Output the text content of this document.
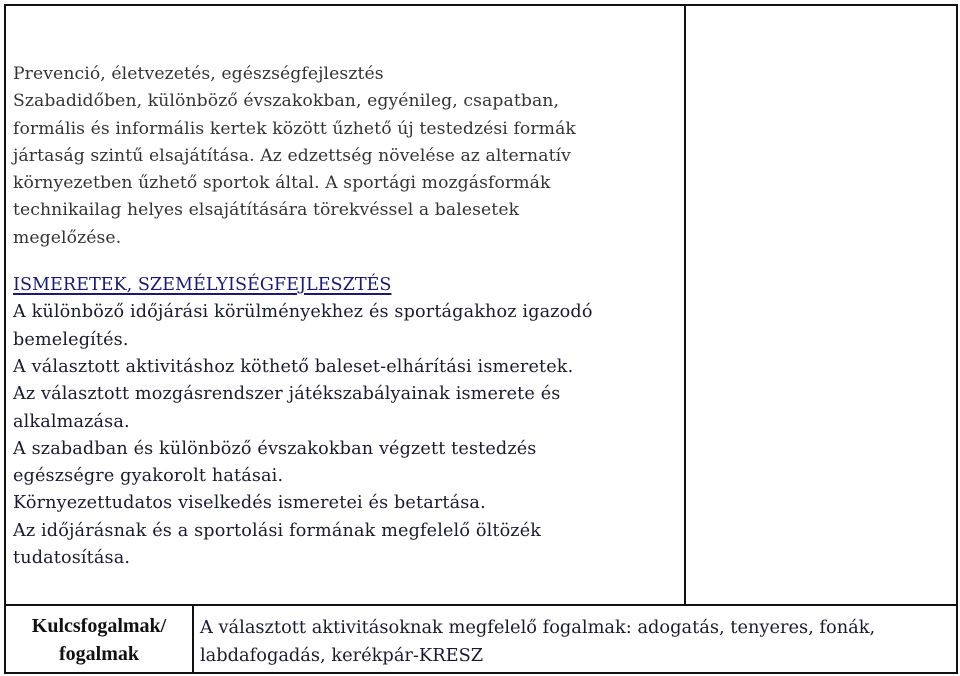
Prevenció, életvezetés, egészségfejlesztés

Szabadidőben, különböző évszakokban, egyénileg, csapatban,

formális és informális kertek között űzhető új testedzési formák

jártaság szintű elsajátítása. Az edzettség növelése az alternatív

környezetben űzhető sportok által. A sportági mozgásformák

technikailag helyes elsajátítására törekvéssel a balesetek

megelőzése.

ISMERETEK, SZEMÉLYISÉGFEJLESZTÉS

A különböző időjárási körülményekhez és sportágakhoz igazodó

bemelegítés.

A választott aktivitáshoz köthető baleset-elhárítási ismeretek.

Az választott mozgásrendszer játékszabályainak ismerete és

alkalmazása.

A szabadban és különböző évszakokban végzett testedzés

egészségre gyakorolt hatásai.

Környezettudatos viselkedés ismeretei és betartása.

Az időjárásnak és a sportolási formának megfelelő öltözék

tudatosítása.

Kulcsfogalmak/
fogalmak
A választott aktivitásoknak megfelelő fogalmak: adogatás, tenyeres, fonák,
labdafogadás, kerékpár-KRESZ
